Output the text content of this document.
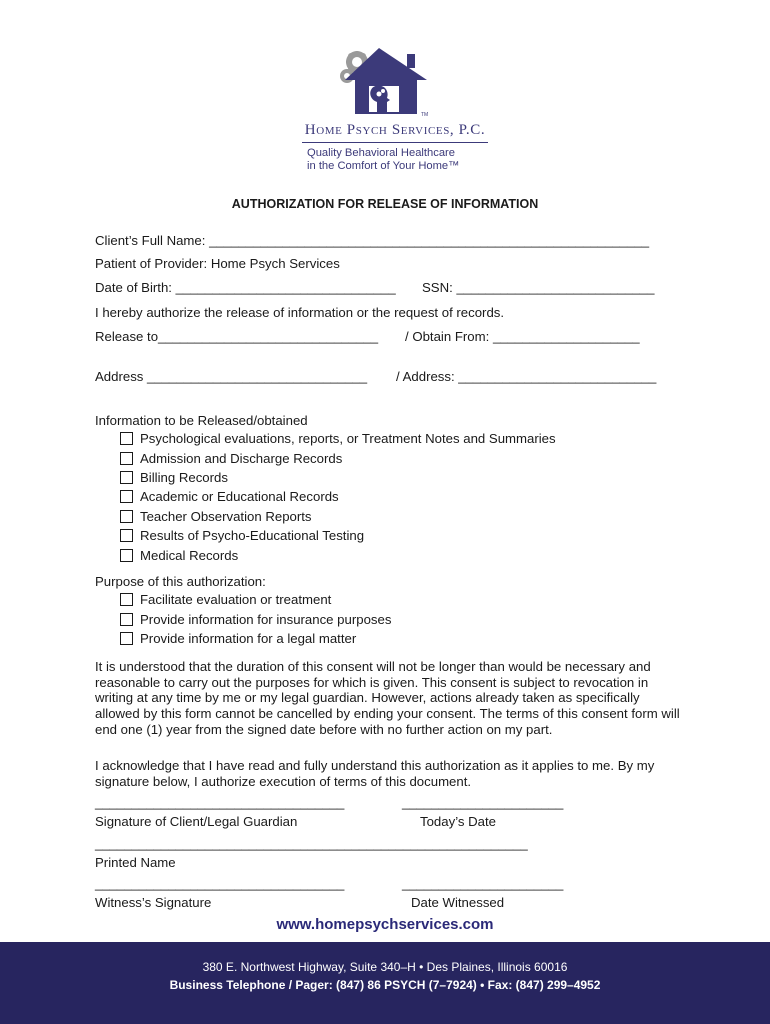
TM
Home Psych Services, P.C.
Quality Behavioral Healthcare
in the Comfort of Your Home™
AUTHORIZATION FOR RELEASE OF INFORMATION
Client’s Full Name: ____________________________________________________________
Patient of Provider: Home Psych Services
Date of Birth: ______________________________ SSN: ___________________________
I hereby authorize the release of information or the request of records.
Release to______________________________ / Obtain From: ____________________
Address ______________________________ / Address: ___________________________
Information to be Released/obtained
Psychological evaluations, reports, or Treatment Notes and Summaries
Admission and Discharge Records
Billing Records
Academic or Educational Records
Teacher Observation Reports
Results of Psycho-Educational Testing
Medical Records
Purpose of this authorization:
Facilitate evaluation or treatment
Provide information for insurance purposes
Provide information for a legal matter

It is understood that the duration of this consent will not be longer than would be necessary and reasonable to carry out the purposes for which is given. This consent is subject to revocation in writing at any time by me or my legal guardian. However, actions already taken as specifically allowed by this form cannot be cancelled by ending your consent. The terms of this consent form will end one (1) year from the signed date before with no further action on my part.

I acknowledge that I have read and fully understand this authorization as it applies to me. By my signature below, I authorize execution of terms of this document.

__________________________________	______________________
Signature of Client/Legal Guardian	Today’s Date
___________________________________________________________
Printed Name
__________________________________	______________________
Witness’s Signature	Date Witnessed
www.homepsychservices.com
380 E. Northwest Highway, Suite 340–H • Des Plaines, Illinois 60016
Business Telephone / Pager: (847) 86 PSYCH (7–7924) • Fax: (847) 299–4952
